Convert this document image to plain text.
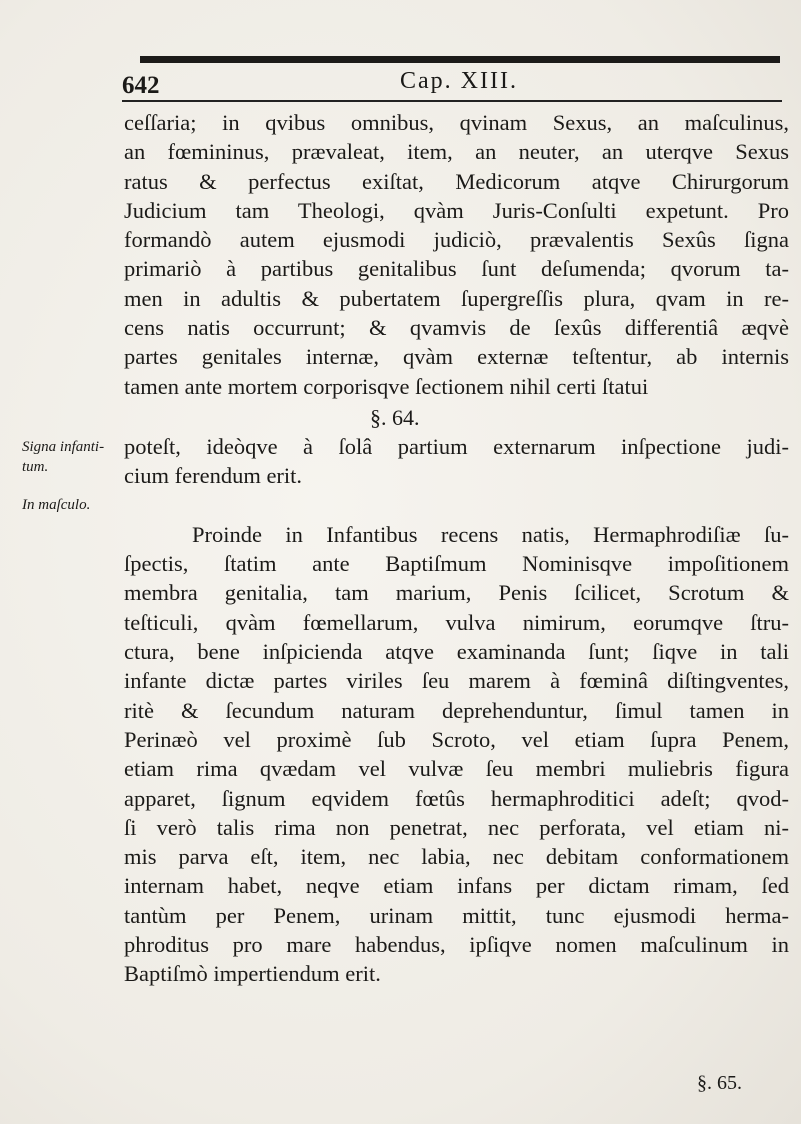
642	Cap. XIII.
ceſſaria; in qvibus omnibus, qvinam Sexus, an maſculinus,
an fœmininus, prævaleat, item, an neuter, an uterqve Sexus
ratus & perfectus exiſtat, Medicorum atqve Chirurgorum
Judicium tam Theologi, qvàm Juris-Conſulti expetunt. Pro
formandò autem ejusmodi judiciò, prævalentis Sexûs ſigna
primariò à partibus genitalibus ſunt deſumenda; qvorum ta-
men in adultis & pubertatem ſupergreſſis plura, qvam in re-
cens natis occurrunt; & qvamvis de ſexûs differentiâ æqvè
partes genitales internæ, qvàm externæ teſtentur, ab internis
tamen ante mortem corporisqve ſectionem nihil certi ſtatui
§. 64.
Signa infanti-
tum.
In maſculo.
poteſt, ideòqve à ſolâ partium externarum inſpectione judi-
cium ferendum erit.
Proinde in Infantibus recens natis, Hermaphrodiſiæ ſu-
ſpectis, ſtatim ante Baptiſmum Nominisqve impoſitionem
membra genitalia, tam marium, Penis ſcilicet, Scrotum &
teſticuli, qvàm fœmellarum, vulva nimirum, eorumqve ſtru-
ctura, bene inſpicienda atqve examinanda ſunt; ſiqve in tali
infante dictæ partes viriles ſeu marem à fœminâ diſtingventes,
ritè & ſecundum naturam deprehenduntur, ſimul tamen in
Perinæò vel proximè ſub Scroto, vel etiam ſupra Penem,
etiam rima qvædam vel vulvæ ſeu membri muliebris figura
apparet, ſignum eqvidem fœtûs hermaphroditici adeſt; qvod-
ſi verò talis rima non penetrat, nec perforata, vel etiam ni-
mis parva eſt, item, nec labia, nec debitam conformationem
internam habet, neqve etiam infans per dictam rimam, ſed
tantùm per Penem, urinam mittit, tunc ejusmodi herma-
phroditus pro mare habendus, ipſiqve nomen maſculinum in
Baptiſmò impertiendum erit.
§. 65.
